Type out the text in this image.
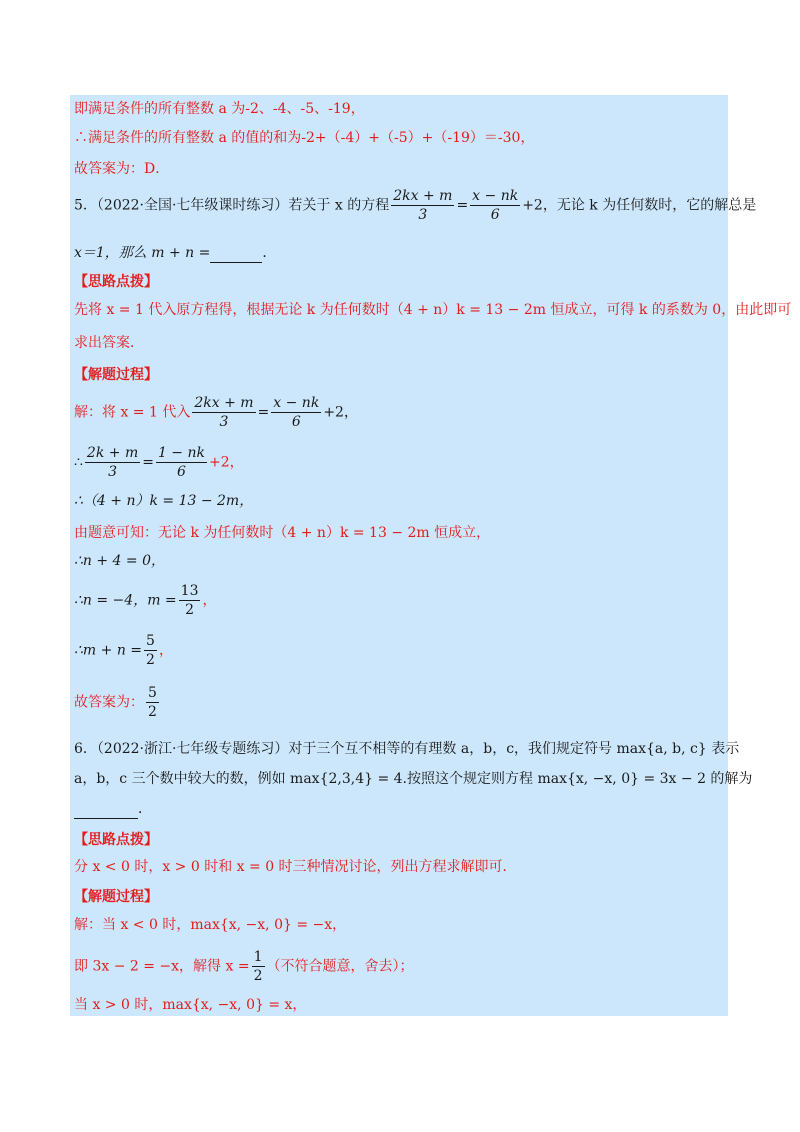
即满足条件的所有整数 a 为-2、-4、-5、-19，
∴满足条件的所有整数 a 的值的和为-2+（-4）+（-5）+（-19）＝-30，
故答案为：D．
5．（2022·全国·七年级课时练习）若关于 x 的方程 $\frac{2kx + m}{3} = \frac{x - nk}{6} +2$，无论 k 为任何数时，它的解总是
x＝1，那么 m + n =	．
【思路点拨】
先将 x = 1 代入原方程得，根据无论 k 为任何数时（4 + n）k = 13 − 2m 恒成立，可得 k 的系数为 0，由此即可
求出答案．
【解题过程】
解：将 x = 1 代入 $\frac{2kx + m}{3} = \frac{x - nk}{6} +2$，
∴ $\frac{2k + m}{3} = \frac{1 - nk}{6} +2$，
∴（4 + n）k = 13 − 2m，
由题意可知：无论 k 为任何数时（4 + n）k = 13 − 2m 恒成立，
∴n + 4 = 0，
∴n = −4，$m = \frac{13}{2}$ ，
∴m + $n = \frac{5}{2}$ ，
故答案为： $\frac{5}{2}$
6．（2022·浙江·七年级专题练习）对于三个互不相等的有理数 a，b，c，我们规定符号 max{a, b, c} 表示
a，b，c 三个数中较大的数，例如 max{2,3,4} = 4.按照这个规定则方程 max{x, −x, 0} = 3x − 2 的解为
．
【思路点拨】
分 x < 0 时，x > 0 时和 x = 0 时三种情况讨论，列出方程求解即可．
【解题过程】
解：当 x < 0 时，max{x, −x, 0} = −x，
即 3x − 2 = −x，解得 $x = \frac{1}{2}$ （不符合题意，舍去）；
当 x > 0 时，max{x, −x, 0} = x，
